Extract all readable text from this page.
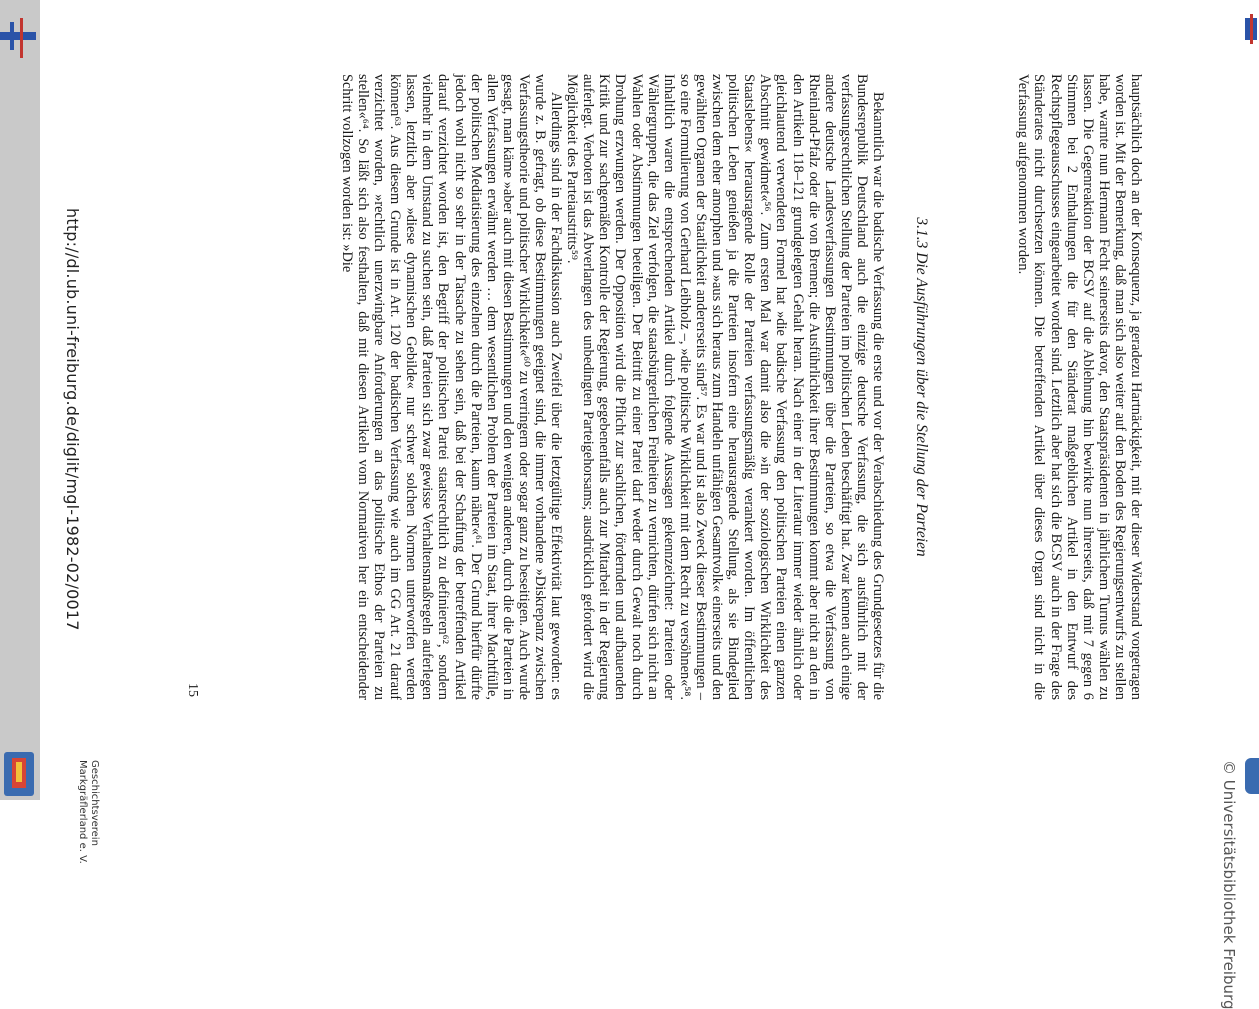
© Universitätsbibliothek Freiburg

hauptsächlich doch an der Konsequenz, ja geradezu Hartnäckigkeit, mit der dieser Widerstand vorgetragen worden ist. Mit der Bemerkung, daß man sich also weiter auf den Boden des Regierungsentwurfs zu stellen habe, warnte nun Hermann Fecht seinerseits davor, den Staatspräsidenten in jährlichem Turnus wählen zu lassen. Die Gegenreaktion der BCSV auf die Ablehnung hin bewirkte nun ihrerseits, daß mit 7 gegen 6 Stimmen bei 2 Enthaltungen die für den Ständerat maßgeblichen Artikel in den Entwurf des Rechtspflegeausschusses eingearbeitet worden sind. Letztlich aber hat sich die BCSV auch in der Frage des Ständerates nicht durchsetzen können. Die betreffenden Artikel über dieses Organ sind nicht in die Verfassung aufgenommen worden.

3.1.3 Die Ausführungen über die Stellung der Parteien

Bekanntlich war die badische Verfassung die erste und vor der Verabschiedung des Grundgesetzes für die Bundesrepublik Deutschland auch die einzige deutsche Verfassung, die sich ausführlich mit der verfassungsrechtlichen Stellung der Parteien im politischen Leben beschäftigt hat. Zwar kennen auch einige andere deutsche Landesverfassungen Bestimmungen über die Parteien, so etwa die Verfassung von Rheinland-Pfalz oder die von Bremen; die Ausführlichkeit ihrer Bestimmungen kommt aber nicht an den in den Artikeln 118–121 grundgelegten Gehalt heran. Nach einer in der Literatur immer wieder ähnlich oder gleichlautend verwendeten Formel hat »die badische Verfassung den politischen Parteien einen ganzen Abschnitt gewidmet«⁵⁶. Zum ersten Mal war damit also die »in der soziologischen Wirklichkeit des Staatslebens« herausragende Rolle der Parteien verfassungsmäßig verankert worden. Im öffentlichen politischen Leben genießen ja die Parteien insofern eine herausragende Stellung, als sie Bindeglied zwischen dem eher amorphen und »aus sich heraus zum Handeln unfähigen Gesamtvolk« einerseits und den gewählten Organen der Staatlichkeit andererseits sind⁵⁷. Es war und ist also Zweck dieser Bestimmungen – so eine Formulierung von Gerhard Leibholz –, »die politische Wirklichkeit mit dem Recht zu versöhnen«⁵⁸. Inhaltlich waren die entsprechenden Artikel durch folgende Aussagen gekennzeichnet: Parteien oder Wählergruppen, die das Ziel verfolgen, die staatsbürgerlichen Freiheiten zu vernichten, dürfen sich nicht an Wahlen oder Abstimmungen beteiligen. Der Beitritt zu einer Partei darf weder durch Gewalt noch durch Drohung erzwungen werden. Der Opposition wird die Pflicht zur sachlichen, fördernden und aufbauenden Kritik und zur sachgemäßen Kontrolle der Regierung, gegebenenfalls auch zur Mitarbeit in der Regierung auferlegt. Verboten ist das Abverlangen des unbedingten Parteigehorsams; ausdrücklich gefordert wird die Möglichkeit des Parteiaustritts⁵⁹.

Allerdings sind in der Fachdiskussion auch Zweifel über die letztgültige Effektivität laut geworden: es wurde z. B. gefragt, ob diese Bestimmungen geeignet sind, die immer vorhandene »Diskrepanz zwischen Verfassungstheorie und politischer Wirklichkeit«⁶⁰ zu verringern oder sogar ganz zu beseitigen. Auch wurde gesagt, man käme »aber auch mit diesen Bestimmungen und den wenigen anderen, durch die die Parteien in allen Verfassungen erwähnt werden … dem wesentlichen Problem der Parteien im Staat, ihrer Machtfülle, der politischen Mediatisierung des einzelnen durch die Parteien, kaum näher«⁶¹. Der Grund hierfür dürfte jedoch wohl nicht so sehr in der Tatsache zu sehen sein, daß bei der Schaffung der betreffenden Artikel darauf verzichtet worden ist, den Begriff der politischen Partei staatsrechtlich zu definieren⁶², sondern vielmehr in dem Umstand zu suchen sein, daß Parteien sich zwar gewisse Verhaltensmaßregeln auferlegen lassen, letztlich aber »diese dynamischen Gebilde« nur schwer solchen Normen unterworfen werden können⁶³. Aus diesem Grunde ist in Art. 120 der badischen Verfassung wie auch im GG Art. 21 darauf verzichtet worden, »rechtlich unerzwingbare Anforderungen an das politische Ethos der Parteien zu stellen«⁶⁴. So läßt sich also festhalten, daß mit diesen Artikeln vom Normativen her ein entscheidender Schritt vollzogen worden ist: »Die

15
http://dl.ub.uni-freiburg.de/diglit/mgl-1982-02/0017
Geschichtsverein
Markgräflerland e. V.
